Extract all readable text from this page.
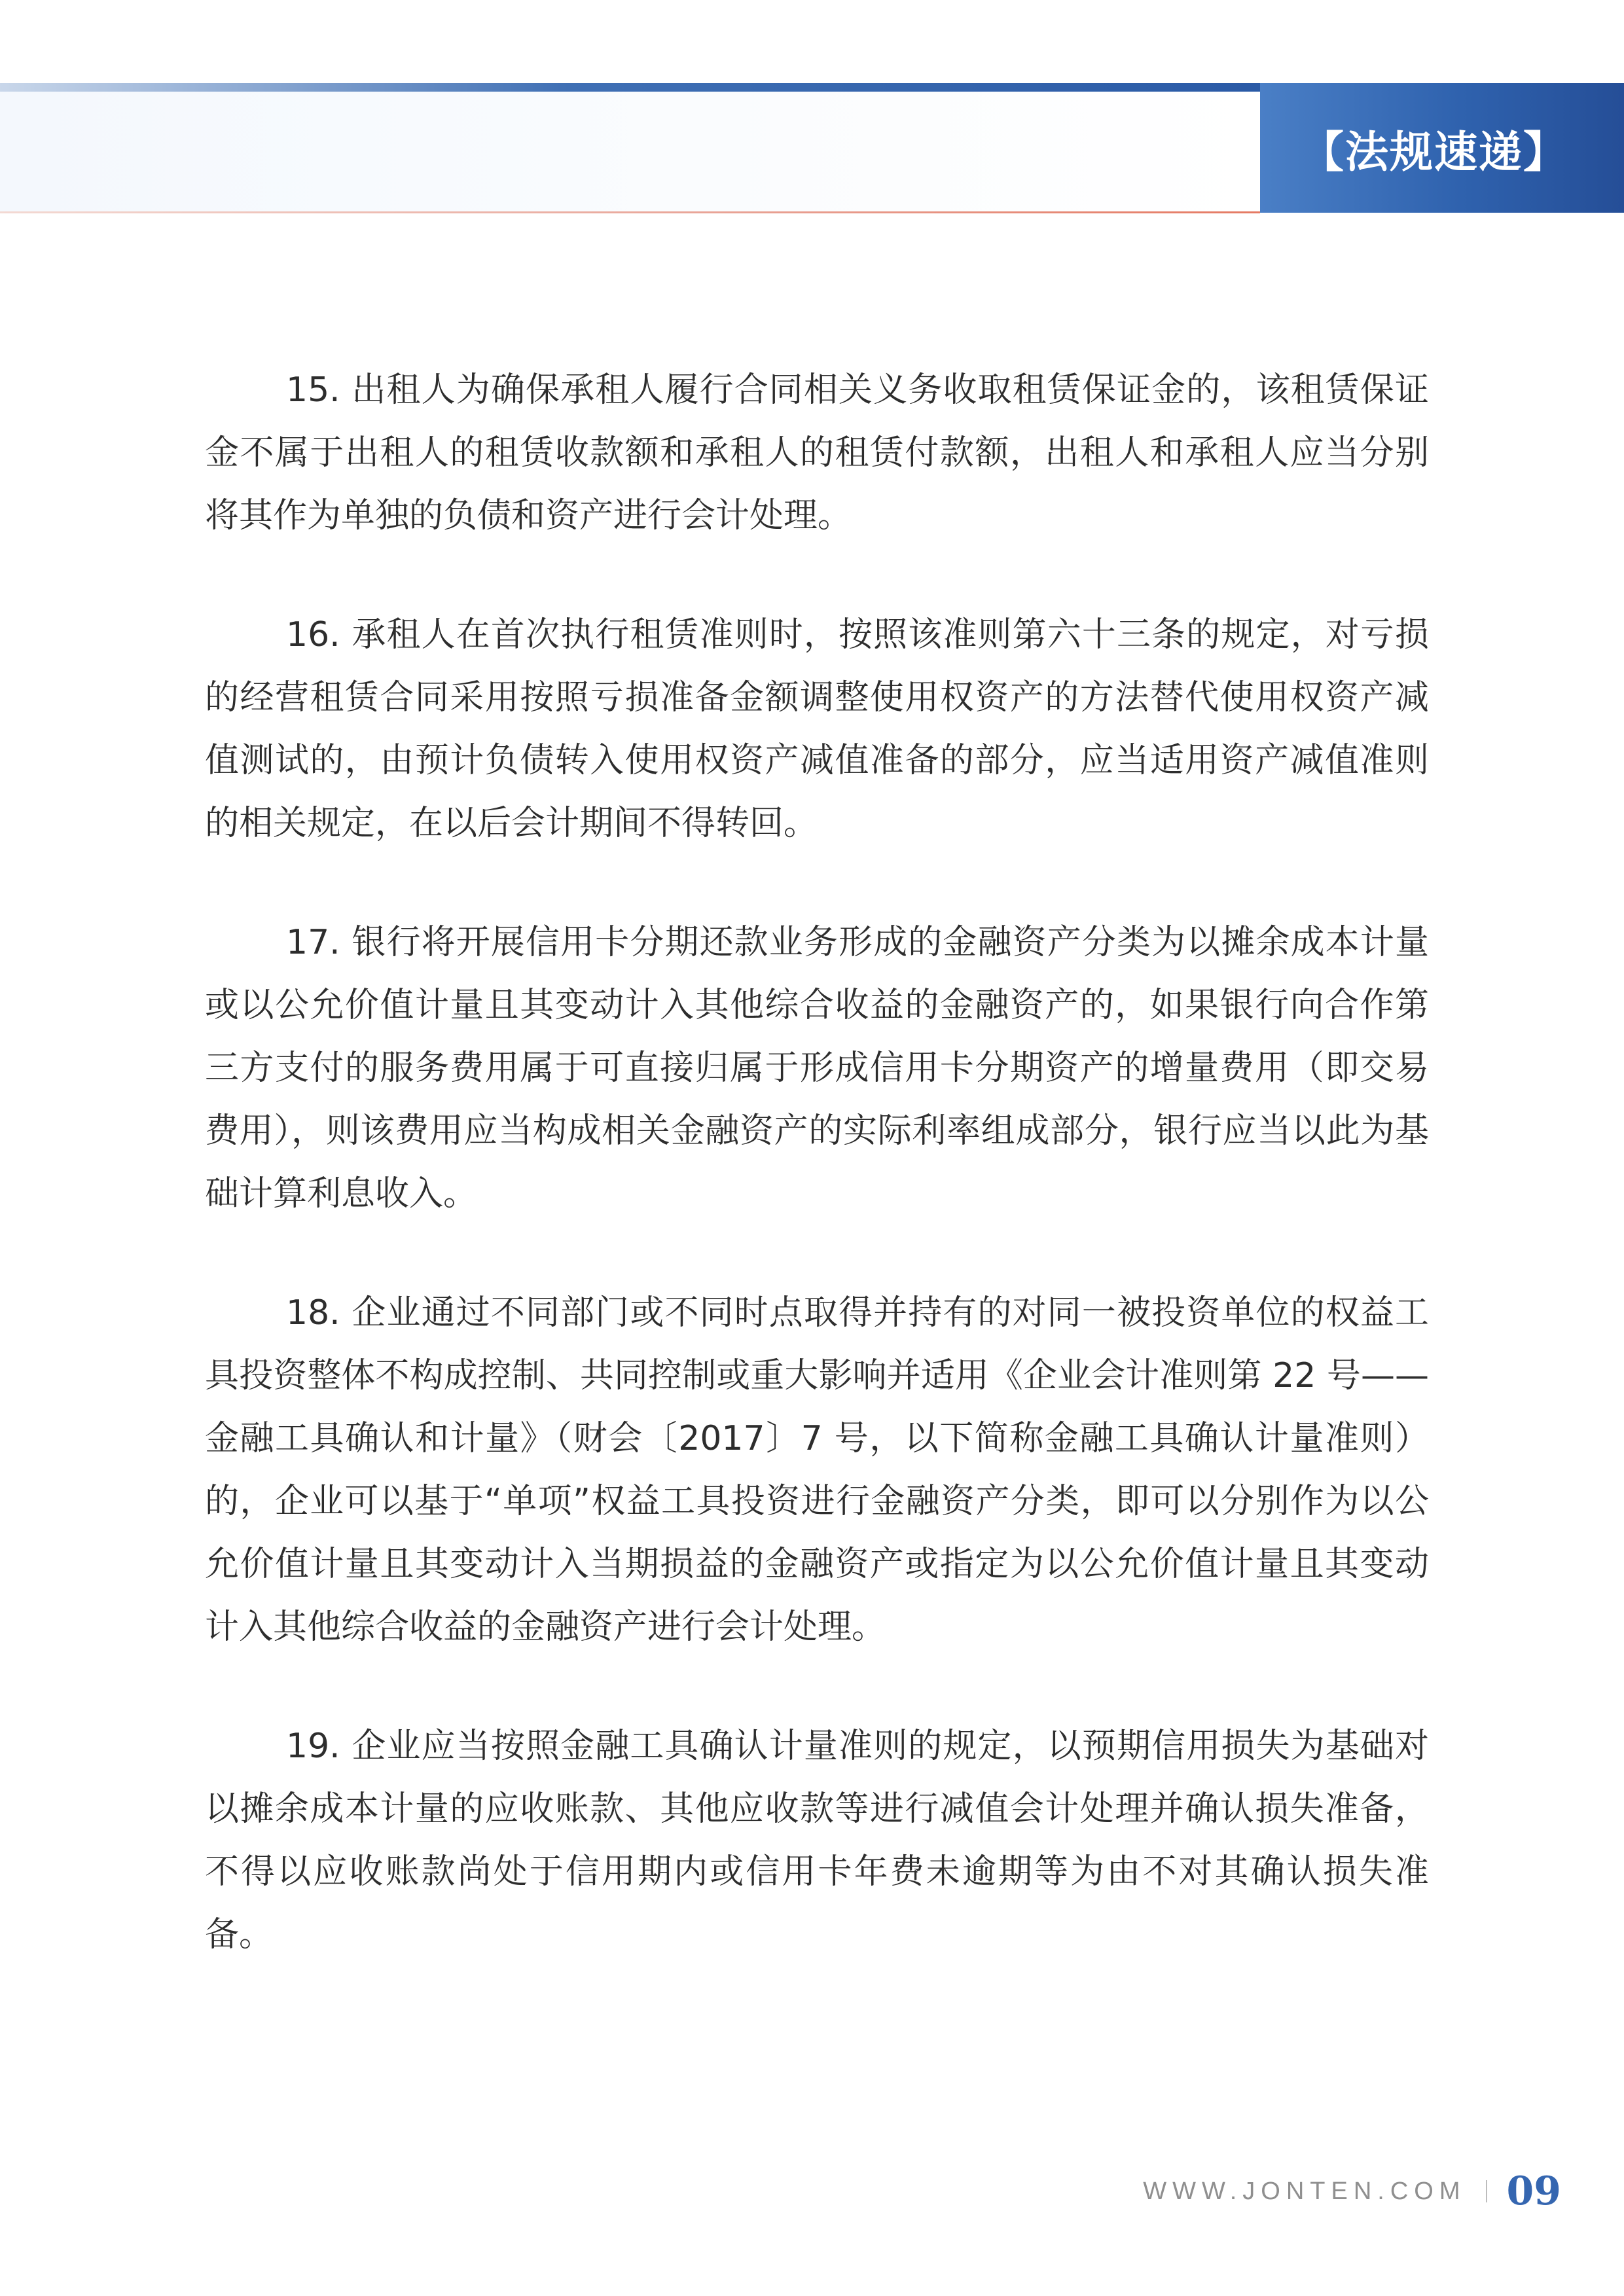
【法规速递】

15. 出租人为确保承租人履行合同相关义务收取租赁保证金的，该租赁保证金不属于出租人的租赁收款额和承租人的租赁付款额，出租人和承租人应当分别将其作为单独的负债和资产进行会计处理。

16. 承租人在首次执行租赁准则时，按照该准则第六十三条的规定，对亏损的经营租赁合同采用按照亏损准备金额调整使用权资产的方法替代使用权资产减值测试的，由预计负债转入使用权资产减值准备的部分，应当适用资产减值准则的相关规定，在以后会计期间不得转回。

17. 银行将开展信用卡分期还款业务形成的金融资产分类为以摊余成本计量或以公允价值计量且其变动计入其他综合收益的金融资产的，如果银行向合作第三方支付的服务费用属于可直接归属于形成信用卡分期资产的增量费用（即交易费用），则该费用应当构成相关金融资产的实际利率组成部分，银行应当以此为基础计算利息收入。

18. 企业通过不同部门或不同时点取得并持有的对同一被投资单位的权益工具投资整体不构成控制、共同控制或重大影响并适用《企业会计准则第 22 号——金融工具确认和计量》（财会〔2017〕7 号，以下简称金融工具确认计量准则）的，企业可以基于“单项”权益工具投资进行金融资产分类，即可以分别作为以公允价值计量且其变动计入当期损益的金融资产或指定为以公允价值计量且其变动计入其他综合收益的金融资产进行会计处理。

19. 企业应当按照金融工具确认计量准则的规定，以预期信用损失为基础对以摊余成本计量的应收账款、其他应收款等进行减值会计处理并确认损失准备，不得以应收账款尚处于信用期内或信用卡年费未逾期等为由不对其确认损失准备。

WWW.JONTEN.COM 09
